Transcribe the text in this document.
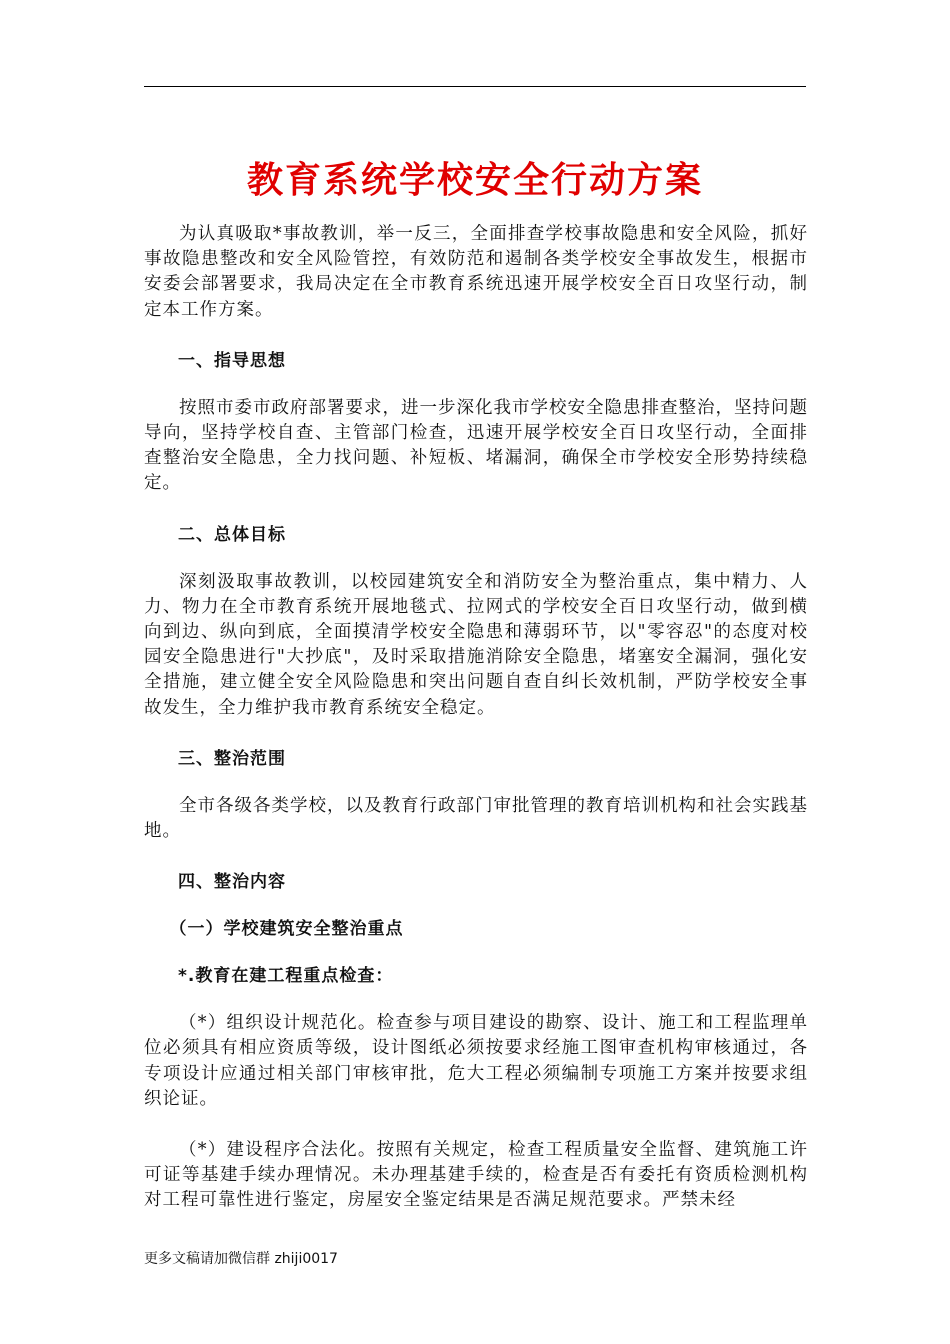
教育系统学校安全行动方案

为认真吸取*事故教训，举一反三，全面排查学校事故隐患和安全风险，抓好事故隐患整改和安全风险管控，有效防范和遏制各类学校安全事故发生，根据市安委会部署要求，我局决定在全市教育系统迅速开展学校安全百日攻坚行动，制定本工作方案。

一、指导思想

按照市委市政府部署要求，进一步深化我市学校安全隐患排查整治，坚持问题导向，坚持学校自查、主管部门检查，迅速开展学校安全百日攻坚行动，全面排查整治安全隐患，全力找问题、补短板、堵漏洞，确保全市学校安全形势持续稳定。

二、总体目标

深刻汲取事故教训，以校园建筑安全和消防安全为整治重点，集中精力、人力、物力在全市教育系统开展地毯式、拉网式的学校安全百日攻坚行动，做到横向到边、纵向到底，全面摸清学校安全隐患和薄弱环节，以"零容忍"的态度对校园安全隐患进行"大抄底"，及时采取措施消除安全隐患，堵塞安全漏洞，强化安全措施，建立健全安全风险隐患和突出问题自查自纠长效机制，严防学校安全事故发生，全力维护我市教育系统安全稳定。

三、整治范围

全市各级各类学校，以及教育行政部门审批管理的教育培训机构和社会实践基地。

四、整治内容

（一）学校建筑安全整治重点

*.教育在建工程重点检查：

（*）组织设计规范化。检查参与项目建设的勘察、设计、施工和工程监理单位必须具有相应资质等级，设计图纸必须按要求经施工图审查机构审核通过，各专项设计应通过相关部门审核审批，危大工程必须编制专项施工方案并按要求组织论证。

（*）建设程序合法化。按照有关规定，检查工程质量安全监督、建筑施工许可证等基建手续办理情况。未办理基建手续的，检查是否有委托有资质检测机构对工程可靠性进行鉴定，房屋安全鉴定结果是否满足规范要求。严禁未经

更多文稿请加微信群 zhiji0017
